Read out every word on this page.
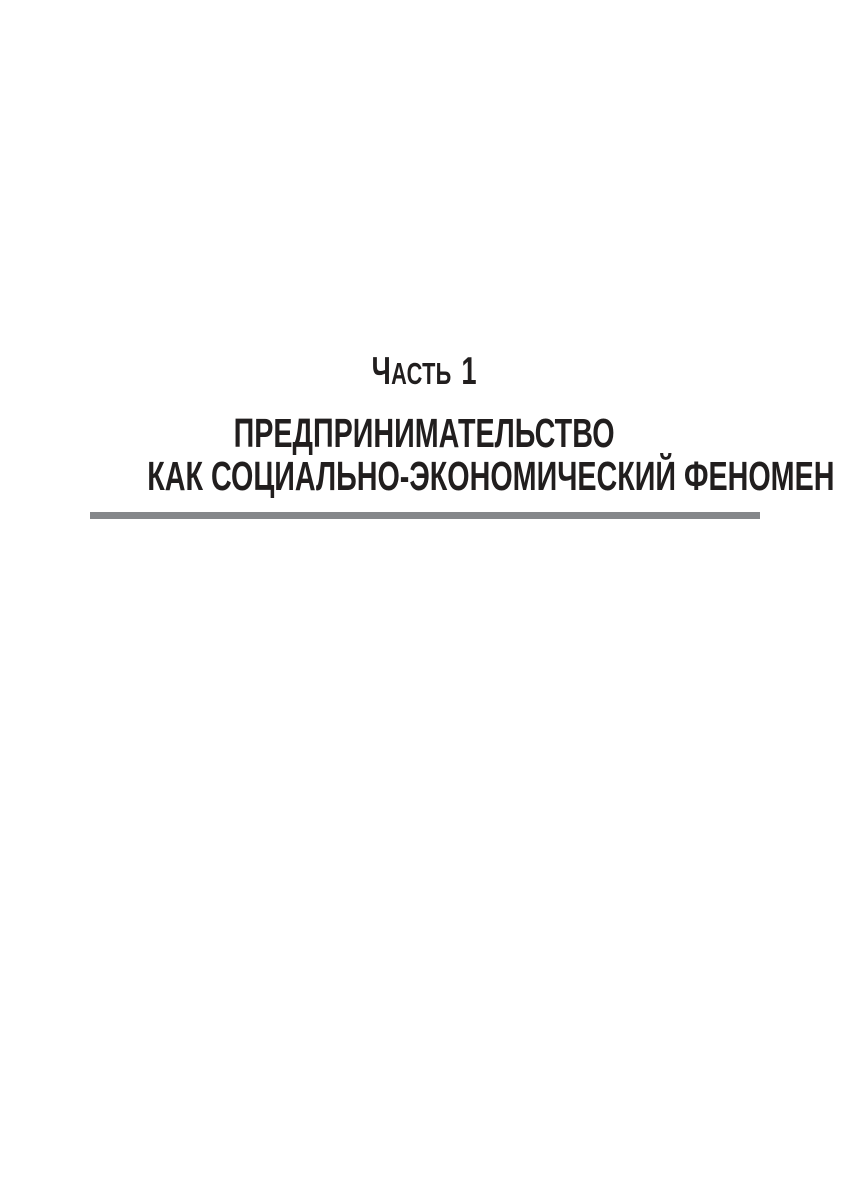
ЧАСТЬ 1
ПРЕДПРИНИМАТЕЛЬСТВО
КАК СОЦИАЛЬНО-ЭКОНОМИЧЕСКИЙ ФЕНОМЕН
